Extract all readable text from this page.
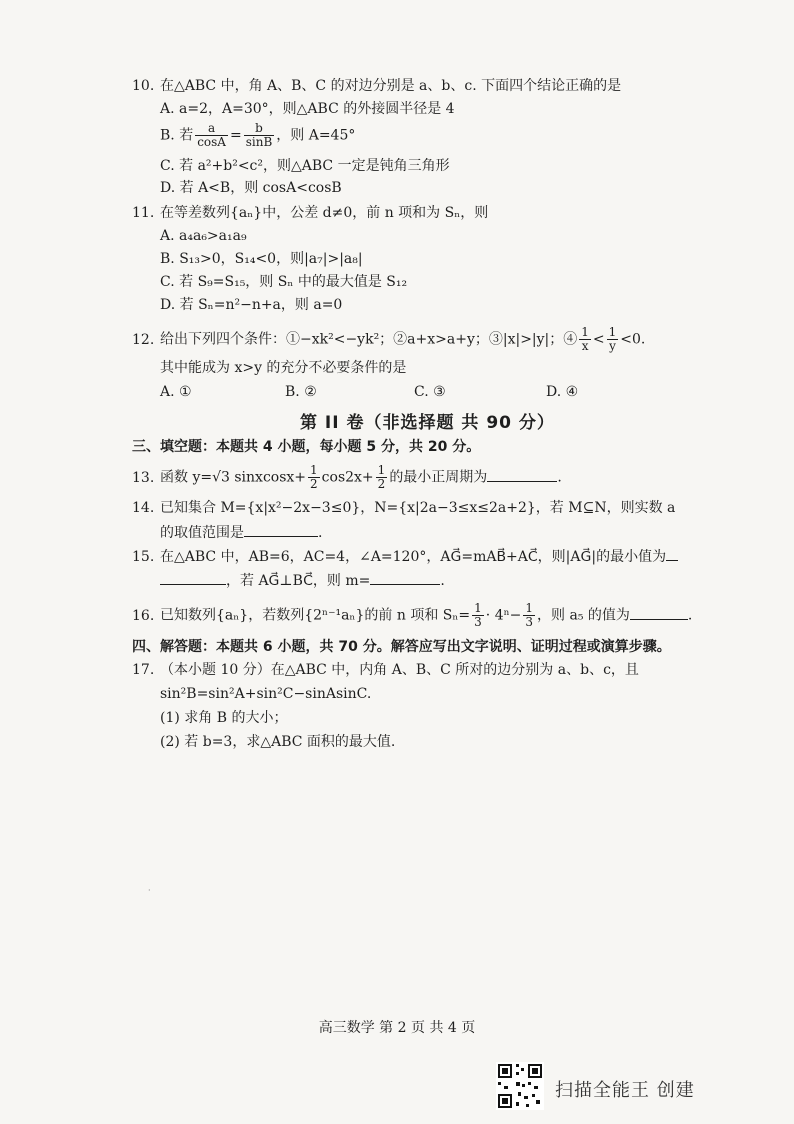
10. 在△ABC 中，角 A、B、C 的对边分别是 a、b、c. 下面四个结论正确的是
A. a=2，A=30°，则△ABC 的外接圆半径是 4
B. 若 $\frac{a}{\cos A} = \frac{b}{\sin B}$ ，则 A=45°
C. 若 a²+b²<c²，则△ABC 一定是钝角三角形
D. 若 A<B，则 cosA<cosB
11. 在等差数列{aₙ}中，公差 d≠0，前 n 项和为 Sₙ，则
A. a₄a₆>a₁a₉
B. S₁₃>0，S₁₄<0，则|a₇|>|a₈|
C. 若 S₉=S₁₅，则 Sₙ 中的最大值是 S₁₂
D. 若 Sₙ=n²−n+a，则 a=0
12. 给出下列四个条件：①−xk²<−yk²；②a+x>a+y；③|x|>|y|；④ $\frac{1}{x} < \frac{1}{y} <0$.
其中能成为 x>y 的充分不必要条件的是
A. ①	B. ②	C. ③	D. ④
第 II 卷（非选择题 共 90 分）
三、填空题：本题共 4 小题，每小题 5 分，共 20 分。
13. 函数 y=√3 sinxcosx+ $\frac{1}{2} \cos 2x+ \frac{1}{2}$ 的最小正周期为	.
14. 已知集合 M={x|x²−2x−3≤0}，N={x|2a−3≤x≤2a+2}，若 M⊆N，则实数 a
的取值范围是	.
15. 在△ABC 中，AB=6，AC=4，∠A=120°，AG⃗=mAB⃗+AC⃗，则|AG⃗|的最小值为
，若 AG⃗⊥BC⃗，则 m=	.
16. 已知数列{aₙ}，若数列{2ⁿ⁻¹aₙ}的前 n 项和 $S_n= \frac{1}{3} \cdot 4^n- \frac{1}{3}$ ，则 a₅ 的值为	.
四、解答题：本题共 6 小题，共 70 分。解答应写出文字说明、证明过程或演算步骤。
17. （本小题 10 分）在△ABC 中，内角 A、B、C 所对的边分别为 a、b、c，且
sin²B=sin²A+sin²C−sinAsinC.
(1) 求角 B 的大小；
(2) 若 b=3，求△ABC 面积的最大值.
·
高三数学 第 2 页 共 4 页
扫描全能王 创建
